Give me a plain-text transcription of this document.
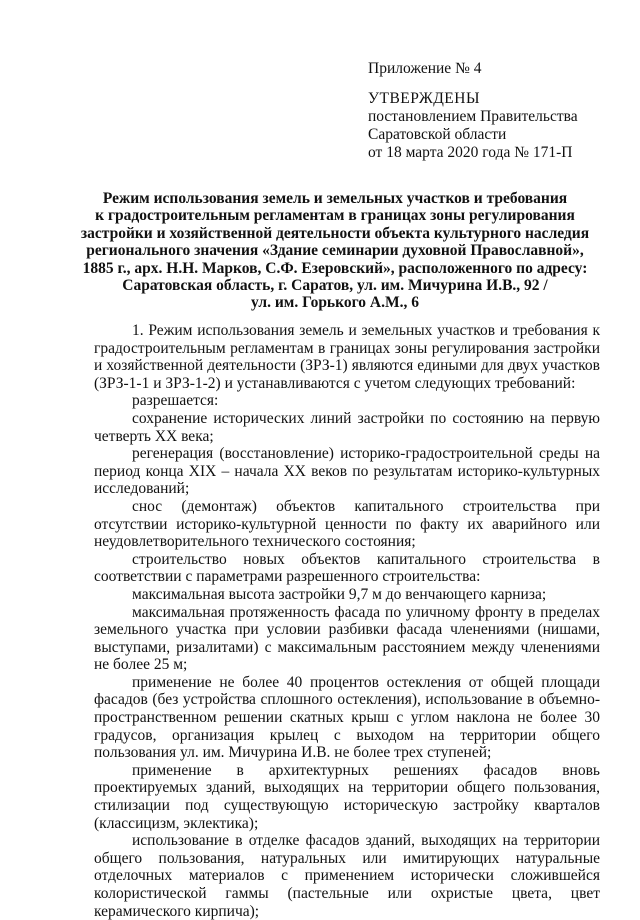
Приложение № 4
УТВЕРЖДЕНЫ
постановлением Правительства
Саратовской области
от 18 марта 2020 года № 171-П
Режим использования земель и земельных участков и требования
к градостроительным регламентам в границах зоны регулирования
застройки и хозяйственной деятельности объекта культурного наследия
регионального значения «Здание семинарии духовной Православной»,
1885 г., арх. Н.Н. Марков, С.Ф. Езеровский», расположенного по адресу:
Саратовская область, г. Саратов, ул. им. Мичурина И.В., 92 /
ул. им. Горького А.М., 6

1. Режим использования земель и земельных участков и требования к градостроительным регламентам в границах зоны регулирования застройки и хозяйственной деятельности (ЗРЗ-1) являются едиными для двух участков (ЗРЗ-1-1 и ЗРЗ-1-2) и устанавливаются с учетом следующих требований:

разрешается:

сохранение исторических линий застройки по состоянию на первую четверть XX века;

регенерация (восстановление) историко-градостроительной среды на период конца XIX – начала XX веков по результатам историко-культурных исследований;

снос (демонтаж) объектов капитального строительства при отсутствии историко-культурной ценности по факту их аварийного или неудовлетворительного технического состояния;

строительство новых объектов капитального строительства в соответствии с параметрами разрешенного строительства:

максимальная высота застройки 9,7 м до венчающего карниза;

максимальная протяженность фасада по уличному фронту в пределах земельного участка при условии разбивки фасада членениями (нишами, выступами, ризалитами) с максимальным расстоянием между членениями не более 25 м;

применение не более 40 процентов остекления от общей площади фасадов (без устройства сплошного остекления), использование в объемно-пространственном решении скатных крыш с углом наклона не более 30 градусов, организация крылец с выходом на территории общего пользования ул. им. Мичурина И.В. не более трех ступеней;

применение в архитектурных решениях фасадов вновь проектируемых зданий, выходящих на территории общего пользования, стилизации под существующую историческую застройку кварталов (классицизм, эклектика);

использование в отделке фасадов зданий, выходящих на территории общего пользования, натуральных или имитирующих натуральные отделочных материалов с применением исторически сложившейся колористической гаммы (пастельные или охристые цвета, цвет керамического кирпича);
